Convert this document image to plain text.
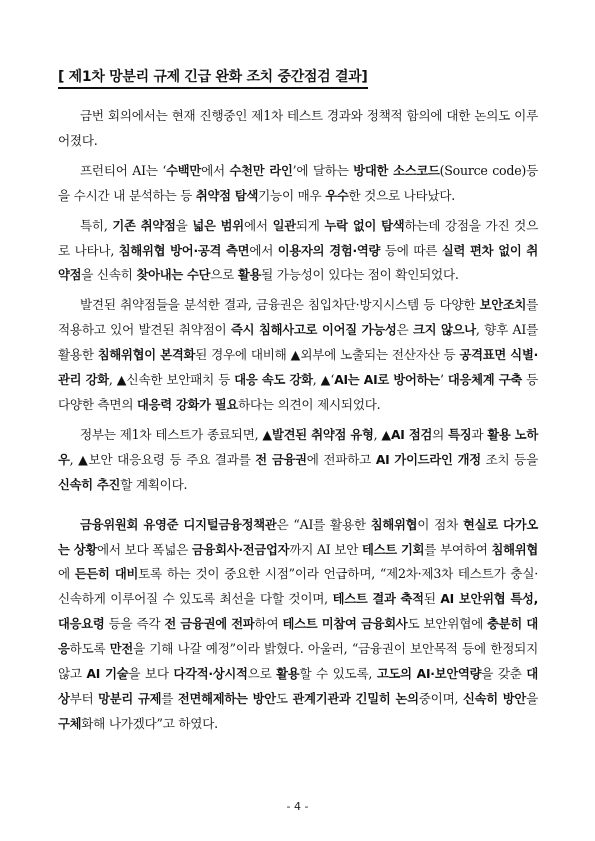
[ 제1차 망분리 규제 긴급 완화 조치 중간점검 결과]

금번 회의에서는 현재 진행중인 제1차 테스트 경과와 정책적 함의에 대한 논의도 이루어졌다.

프런티어 AI는 ‘수백만에서 수천만 라인’에 달하는 방대한 소스코드(Source code)등을 수시간 내 분석하는 등 취약점 탐색기능이 매우 우수한 것으로 나타났다.

특히, 기존 취약점을 넓은 범위에서 일관되게 누락 없이 탐색하는데 강점을 가진 것으로 나타나, 침해위협 방어·공격 측면에서 이용자의 경험·역량 등에 따른 실력 편차 없이 취약점을 신속히 찾아내는 수단으로 활용될 가능성이 있다는 점이 확인되었다.

발견된 취약점들을 분석한 결과, 금융권은 침입차단·방지시스템 등 다양한 보안조치를 적용하고 있어 발견된 취약점이 즉시 침해사고로 이어질 가능성은 크지 않으나, 향후 AI를 활용한 침해위협이 본격화된 경우에 대비해 ▲외부에 노출되는 전산자산 등 공격표면 식별·관리 강화, ▲신속한 보안패치 등 대응 속도 강화, ▲‘AI는 AI로 방어하는’ 대응체계 구축 등 다양한 측면의 대응력 강화가 필요하다는 의견이 제시되었다.

정부는 제1차 테스트가 종료되면, ▲발견된 취약점 유형, ▲AI 점검의 특징과 활용 노하우, ▲보안 대응요령 등 주요 결과를 전 금융권에 전파하고 AI 가이드라인 개정 조치 등을 신속히 추진할 계획이다.

금융위원회 유영준 디지털금융정책관은 “AI를 활용한 침해위협이 점차 현실로 다가오는 상황에서 보다 폭넓은 금융회사·전금업자까지 AI 보안 테스트 기회를 부여하여 침해위협에 든든히 대비토록 하는 것이 중요한 시점”이라 언급하며, “제2차·제3차 테스트가 충실·신속하게 이루어질 수 있도록 최선을 다할 것이며, 테스트 결과 축적된 AI 보안위협 특성, 대응요령 등을 즉각 전 금융권에 전파하여 테스트 미참여 금융회사도 보안위협에 충분히 대응하도록 만전을 기해 나갈 예정”이라 밝혔다. 아울러, “금융권이 보안목적 등에 한정되지 않고 AI 기술을 보다 다각적·상시적으로 활용할 수 있도록, 고도의 AI·보안역량을 갖춘 대상부터 망분리 규제를 전면해제하는 방안도 관계기관과 긴밀히 논의중이며, 신속히 방안을 구체화해 나가겠다”고 하였다.

- 4 -
